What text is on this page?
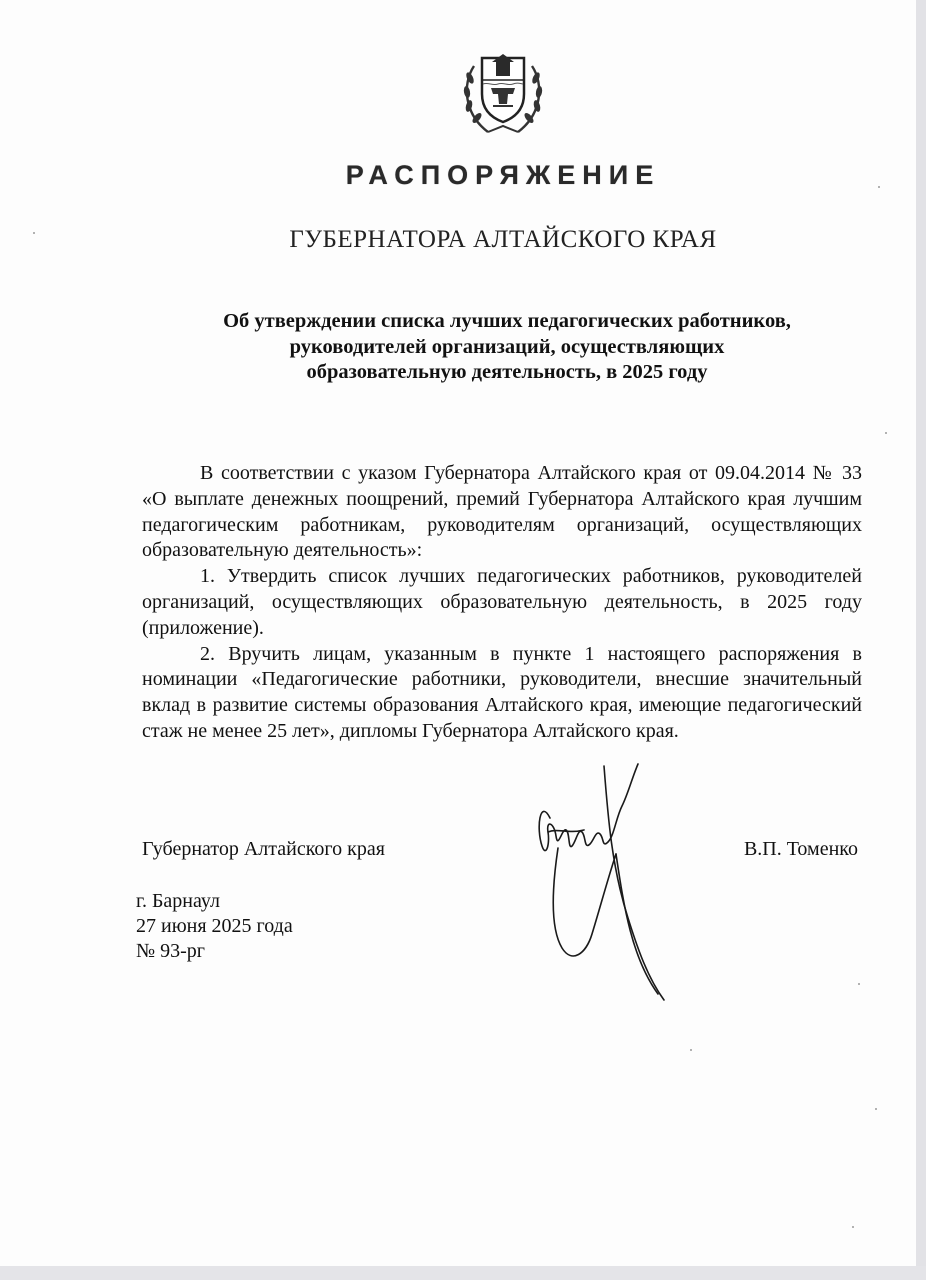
РАСПОРЯЖЕНИЕ
ГУБЕРНАТОРА АЛТАЙСКОГО КРАЯ
Об утверждении списка лучших педагогических работников,
руководителей организаций, осуществляющих
образовательную деятельность, в 2025 году

В соответствии с указом Губернатора Алтайского края от 09.04.2014 № 33 «О выплате денежных поощрений, премий Губернатора Алтайского края лучшим педагогическим работникам, руководителям организаций, осуществляющих образовательную деятельность»:

1. Утвердить список лучших педагогических работников, руководителей организаций, осуществляющих образовательную деятельность, в 2025 году (приложение).

2. Вручить лицам, указанным в пункте 1 настоящего распоряжения в номинации «Педагогические работники, руководители, внесшие значительный вклад в развитие системы образования Алтайского края, имеющие педагогический стаж не менее 25 лет», дипломы Губернатора Алтайского края.

Губернатор Алтайского края	В.П. Томенко
г. Барнаул
27 июня 2025 года
№ 93-рг
